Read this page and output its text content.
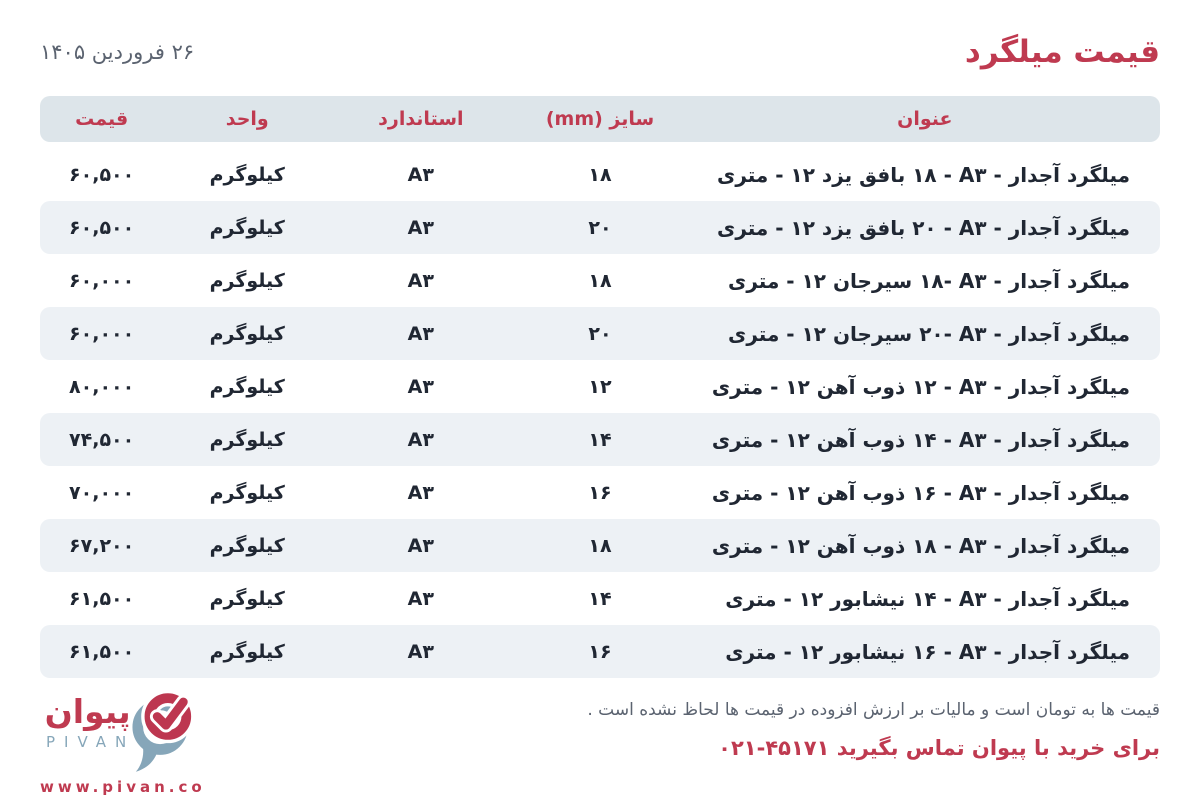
قیمت میلگرد
۲۶ فروردین ۱۴۰۵
عنوان
سایز (mm)
استاندارد
واحد
قیمت
میلگرد آجدار - A۳ ‏- ۱۸ بافق یزد ۱۲ - متری
۱۸
A۳
کیلوگرم
۶۰,۵۰۰
میلگرد آجدار - A۳ ‏- ۲۰ بافق یزد ۱۲ - متری
۲۰
A۳
کیلوگرم
۶۰,۵۰۰
میلگرد آجدار - A۳ ‏-۱۸ سیرجان ۱۲ - متری
۱۸
A۳
کیلوگرم
۶۰,۰۰۰
میلگرد آجدار - A۳ ‏-۲۰ سیرجان ۱۲ - متری
۲۰
A۳
کیلوگرم
۶۰,۰۰۰
میلگرد آجدار - A۳ ‏- ۱۲ ذوب آهن ۱۲ - متری
۱۲
A۳
کیلوگرم
۸۰,۰۰۰
میلگرد آجدار - A۳ ‏- ۱۴ ذوب آهن ۱۲ - متری
۱۴
A۳
کیلوگرم
۷۴,۵۰۰
میلگرد آجدار - A۳ ‏- ۱۶ ذوب آهن ۱۲ - متری
۱۶
A۳
کیلوگرم
۷۰,۰۰۰
میلگرد آجدار - A۳ ‏- ۱۸ ذوب آهن ۱۲ - متری
۱۸
A۳
کیلوگرم
۶۷,۲۰۰
میلگرد آجدار - A۳ ‏- ۱۴ نیشابور ۱۲ - متری
۱۴
A۳
کیلوگرم
۶۱,۵۰۰
میلگرد آجدار - A۳ ‏- ۱۶ نیشابور ۱۲ - متری
۱۶
A۳
کیلوگرم
۶۱,۵۰۰
قیمت ها به تومان است و مالیات بر ارزش افزوده در قیمت ها لحاظ نشده است .
برای خرید با پیوان تماس بگیرید ۴۵۱۷۱-۰۲۱
پیوان
PIVAN
www.pivan.co
